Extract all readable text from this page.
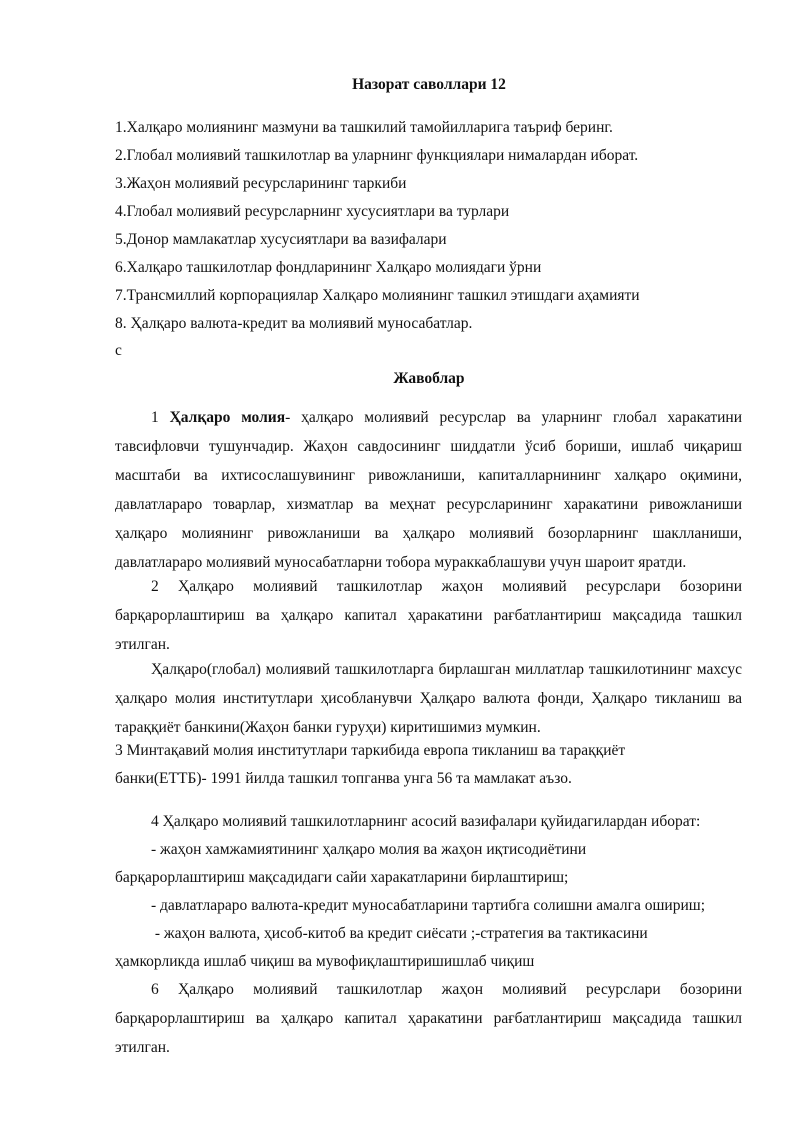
Назорат саволлари 12
1.Халқаро молиянинг мазмуни ва ташкилий тамойилларига таъриф беринг.
2.Глобал молиявий ташкилотлар ва уларнинг функциялари нималардан иборат.
3.Жаҳон молиявий ресурсларининг таркиби
4.Глобал молиявий ресурсларнинг хусусиятлари ва турлари
5.Донор мамлакатлар хусусиятлари ва вазифалари
6.Халқаро ташкилотлар фондларининг Халқаро молиядаги ўрни
7.Трансмиллий корпорациялар Халқаро молиянинг ташкил этишдаги аҳамияти
8. Ҳалқаро валюта-кредит ва молиявий муносабатлар.
с
Жавоблар
1 Ҳалқаро молия- ҳалқаро молиявий ресурслар ва уларнинг глобал харакатини тавсифловчи тушунчадир. Жаҳон савдосининг шиддатли ўсиб бориши, ишлаб чиқариш масштаби ва ихтисослашувининг ривожланиши, капиталларнининг халқаро оқимини, давлатлараро товарлар, хизматлар ва меҳнат ресурсларининг харакатини ривожланиши ҳалқаро молиянинг ривожланиши ва ҳалқаро молиявий бозорларнинг шаклланиши, давлатлараро молиявий муносабатларни тобора мураккаблашуви учун шароит яратди.
2 Ҳалқаро молиявий ташкилотлар жаҳон молиявий ресурслари бозорини барқарорлаштириш ва ҳалқаро капитал ҳаракатини рағбатлантириш мақсадида ташкил этилган.
Ҳалқаро(глобал) молиявий ташкилотларга бирлашган миллатлар ташкилотининг махсус ҳалқаро молия институтлари ҳисобланувчи Ҳалқаро валюта фонди, Ҳалқаро тикланиш ва тараққиёт банкини(Жаҳон банки гуруҳи) киритишимиз мумкин.
3 Минтақавий молия институтлари таркибида европа тикланиш ва тараққиёт
банки(ЕТТБ)- 1991 йилда ташкил топганва унга 56 та мамлакат аъзо.
4 Ҳалқаро молиявий ташкилотларнинг асосий вазифалари қуйидагилардан иборат:
- жаҳон хамжамиятининг ҳалқаро молия ва жаҳон иқтисодиётини
барқарорлаштириш мақсадидаги сайи харакатларини бирлаштириш;
- давлатлараро валюта-кредит муносабатларини тартибга солишни амалга ошириш;
- жаҳон валюта, ҳисоб-китоб ва кредит сиёсати ;-стратегия ва тактикасини
ҳамкорликда ишлаб чиқиш ва мувофиқлаштиришишлаб чиқиш
6 Ҳалқаро молиявий ташкилотлар жаҳон молиявий ресурслари бозорини барқарорлаштириш ва ҳалқаро капитал ҳаракатини рағбатлантириш мақсадида ташкил этилган.
